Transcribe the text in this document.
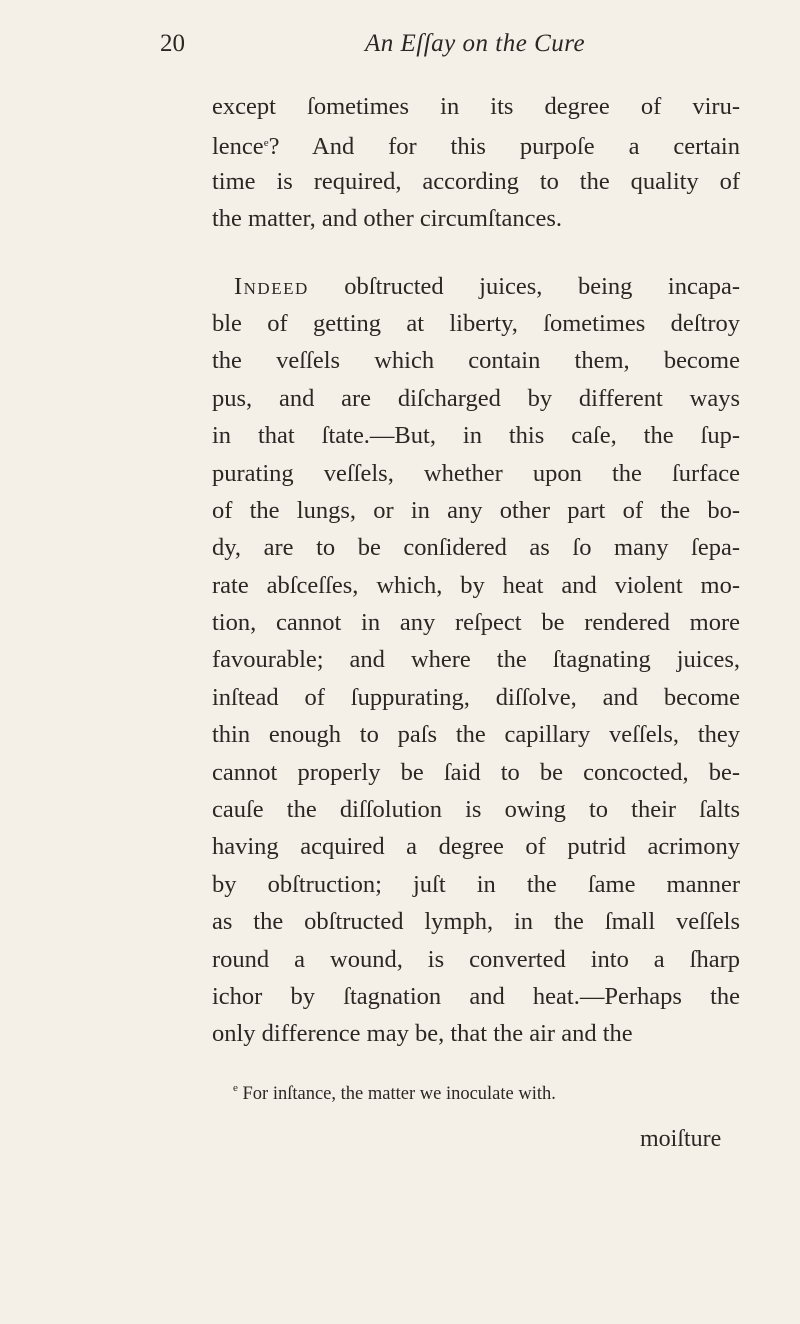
20	An Eſſay on the Cure
except ſometimes in its degree of viru-
lence$^e$? And for this purpoſe a certain
time is required, according to the quality of
the matter, and other circumſtances.
Indeed obſtructed juices, being incapa-
ble of getting at liberty, ſometimes deſtroy
the veſſels which contain them, become
pus, and are diſcharged by different ways
in that ſtate.—But, in this caſe, the ſup-
purating veſſels, whether upon the ſurface
of the lungs, or in any other part of the bo-
dy, are to be conſidered as ſo many ſepa-
rate abſceſſes, which, by heat and violent mo-
tion, cannot in any reſpect be rendered more
favourable; and where the ſtagnating juices,
inſtead of ſuppurating, diſſolve, and become
thin enough to paſs the capillary veſſels, they
cannot properly be ſaid to be concocted, be-
cauſe the diſſolution is owing to their ſalts
having acquired a degree of putrid acrimony
by obſtruction; juſt in the ſame manner
as the obſtructed lymph, in the ſmall veſſels
round a wound, is converted into a ſharp
ichor by ſtagnation and heat.—Perhaps the
only difference may be, that the air and the
$^e$ For inſtance, the matter we inoculate with.
moiſture
